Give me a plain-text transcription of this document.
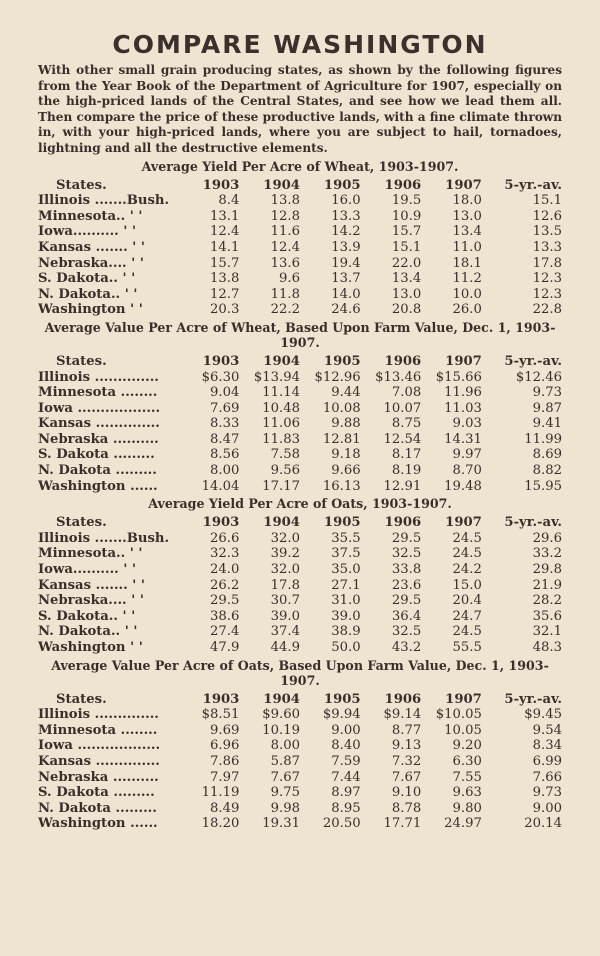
COMPARE WASHINGTON

With other small grain producing states, as shown by the following figures from the Year Book of the Department of Agriculture for 1907, especially on the high-priced lands of the Central States, and see how we lead them all. Then compare the price of these productive lands, with a fine climate thrown in, with your high-priced lands, where you are subject to hail, tornadoes, lightning and all the destructive elements.

Average Yield Per Acre of Wheat, 1903-1907.
States.	1903	1904	1905	1906	1907	5-yr.-av.
Illinois .......Bush.	8.4	13.8	16.0	19.5	18.0	15.1
Minnesota.. ' '	13.1	12.8	13.3	10.9	13.0	12.6
Iowa.......... ' '	12.4	11.6	14.2	15.7	13.4	13.5
Kansas ....... ' '	14.1	12.4	13.9	15.1	11.0	13.3
Nebraska.... ' '	15.7	13.6	19.4	22.0	18.1	17.8
S. Dakota.. ' '	13.8	9.6	13.7	13.4	11.2	12.3
N. Dakota.. ' '	12.7	11.8	14.0	13.0	10.0	12.3
Washington ' '	20.3	22.2	24.6	20.8	26.0	22.8
Average Value Per Acre of Wheat, Based Upon Farm Value, Dec. 1, 1903-1907.
States.	1903	1904	1905	1906	1907	5-yr.-av.
Illinois ..............	$6.30	$13.94	$12.96	$13.46	$15.66	$12.46
Minnesota ........	9.04	11.14	9.44	7.08	11.96	9.73
Iowa ..................	7.69	10.48	10.08	10.07	11.03	9.87
Kansas ..............	8.33	11.06	9.88	8.75	9.03	9.41
Nebraska ..........	8.47	11.83	12.81	12.54	14.31	11.99
S. Dakota .........	8.56	7.58	9.18	8.17	9.97	8.69
N. Dakota .........	8.00	9.56	9.66	8.19	8.70	8.82
Washington ......	14.04	17.17	16.13	12.91	19.48	15.95
Average Yield Per Acre of Oats, 1903-1907.
States.	1903	1904	1905	1906	1907	5-yr.-av.
Illinois .......Bush.	26.6	32.0	35.5	29.5	24.5	29.6
Minnesota.. ' '	32.3	39.2	37.5	32.5	24.5	33.2
Iowa.......... ' '	24.0	32.0	35.0	33.8	24.2	29.8
Kansas ....... ' '	26.2	17.8	27.1	23.6	15.0	21.9
Nebraska.... ' '	29.5	30.7	31.0	29.5	20.4	28.2
S. Dakota.. ' '	38.6	39.0	39.0	36.4	24.7	35.6
N. Dakota.. ' '	27.4	37.4	38.9	32.5	24.5	32.1
Washington ' '	47.9	44.9	50.0	43.2	55.5	48.3
Average Value Per Acre of Oats, Based Upon Farm Value, Dec. 1, 1903-1907.
States.	1903	1904	1905	1906	1907	5-yr.-av.
Illinois ..............	$8.51	$9.60	$9.94	$9.14	$10.05	$9.45
Minnesota ........	9.69	10.19	9.00	8.77	10.05	9.54
Iowa ..................	6.96	8.00	8.40	9.13	9.20	8.34
Kansas ..............	7.86	5.87	7.59	7.32	6.30	6.99
Nebraska ..........	7.97	7.67	7.44	7.67	7.55	7.66
S. Dakota .........	11.19	9.75	8.97	9.10	9.63	9.73
N. Dakota .........	8.49	9.98	8.95	8.78	9.80	9.00
Washington ......	18.20	19.31	20.50	17.71	24.97	20.14
